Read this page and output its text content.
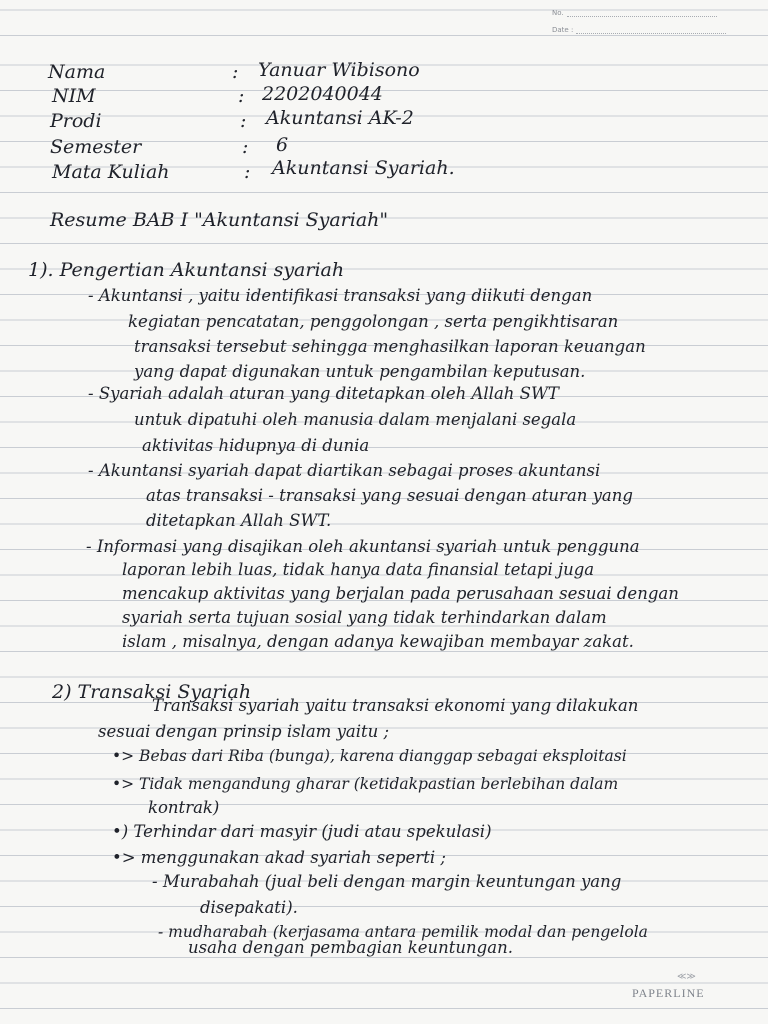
No.
Date :
Nama	: Yanuar Wibisono
NIM	: 2202040044
Prodi	: Akuntansi AK-2
Semester	: 6
Mata Kuliah	: Akuntansi Syariah.
Resume BAB I "Akuntansi Syariah"
1). Pengertian Akuntansi syariah
- Akuntansi , yaitu identifikasi transaksi yang diikuti dengan
kegiatan pencatatan, penggolongan , serta pengikhtisaran
transaksi tersebut sehingga menghasilkan laporan keuangan
yang dapat digunakan untuk pengambilan keputusan.
- Syariah adalah aturan yang ditetapkan oleh Allah SWT
untuk dipatuhi oleh manusia dalam menjalani segala
aktivitas hidupnya di dunia
- Akuntansi syariah dapat diartikan sebagai proses akuntansi
atas transaksi - transaksi yang sesuai dengan aturan yang
ditetapkan Allah SWT.
- Informasi yang disajikan oleh akuntansi syariah untuk pengguna
laporan lebih luas, tidak hanya data finansial tetapi juga
mencakup aktivitas yang berjalan pada perusahaan sesuai dengan
syariah serta tujuan sosial yang tidak terhindarkan dalam
islam , misalnya, dengan adanya kewajiban membayar zakat.
2) Transaksi Syariah
Transaksi syariah yaitu transaksi ekonomi yang dilakukan
sesuai dengan prinsip islam yaitu ;
•> Bebas dari Riba (bunga), karena dianggap sebagai eksploitasi
•> Tidak mengandung gharar (ketidakpastian berlebihan dalam
kontrak)
•) Terhindar dari masyir (judi atau spekulasi)
•> menggunakan akad syariah seperti ;
- Murabahah (jual beli dengan margin keuntungan yang
disepakati).
- mudharabah (kerjasama antara pemilik modal dan pengelola
usaha dengan pembagian keuntungan.
≪≫
PAPERLINE
